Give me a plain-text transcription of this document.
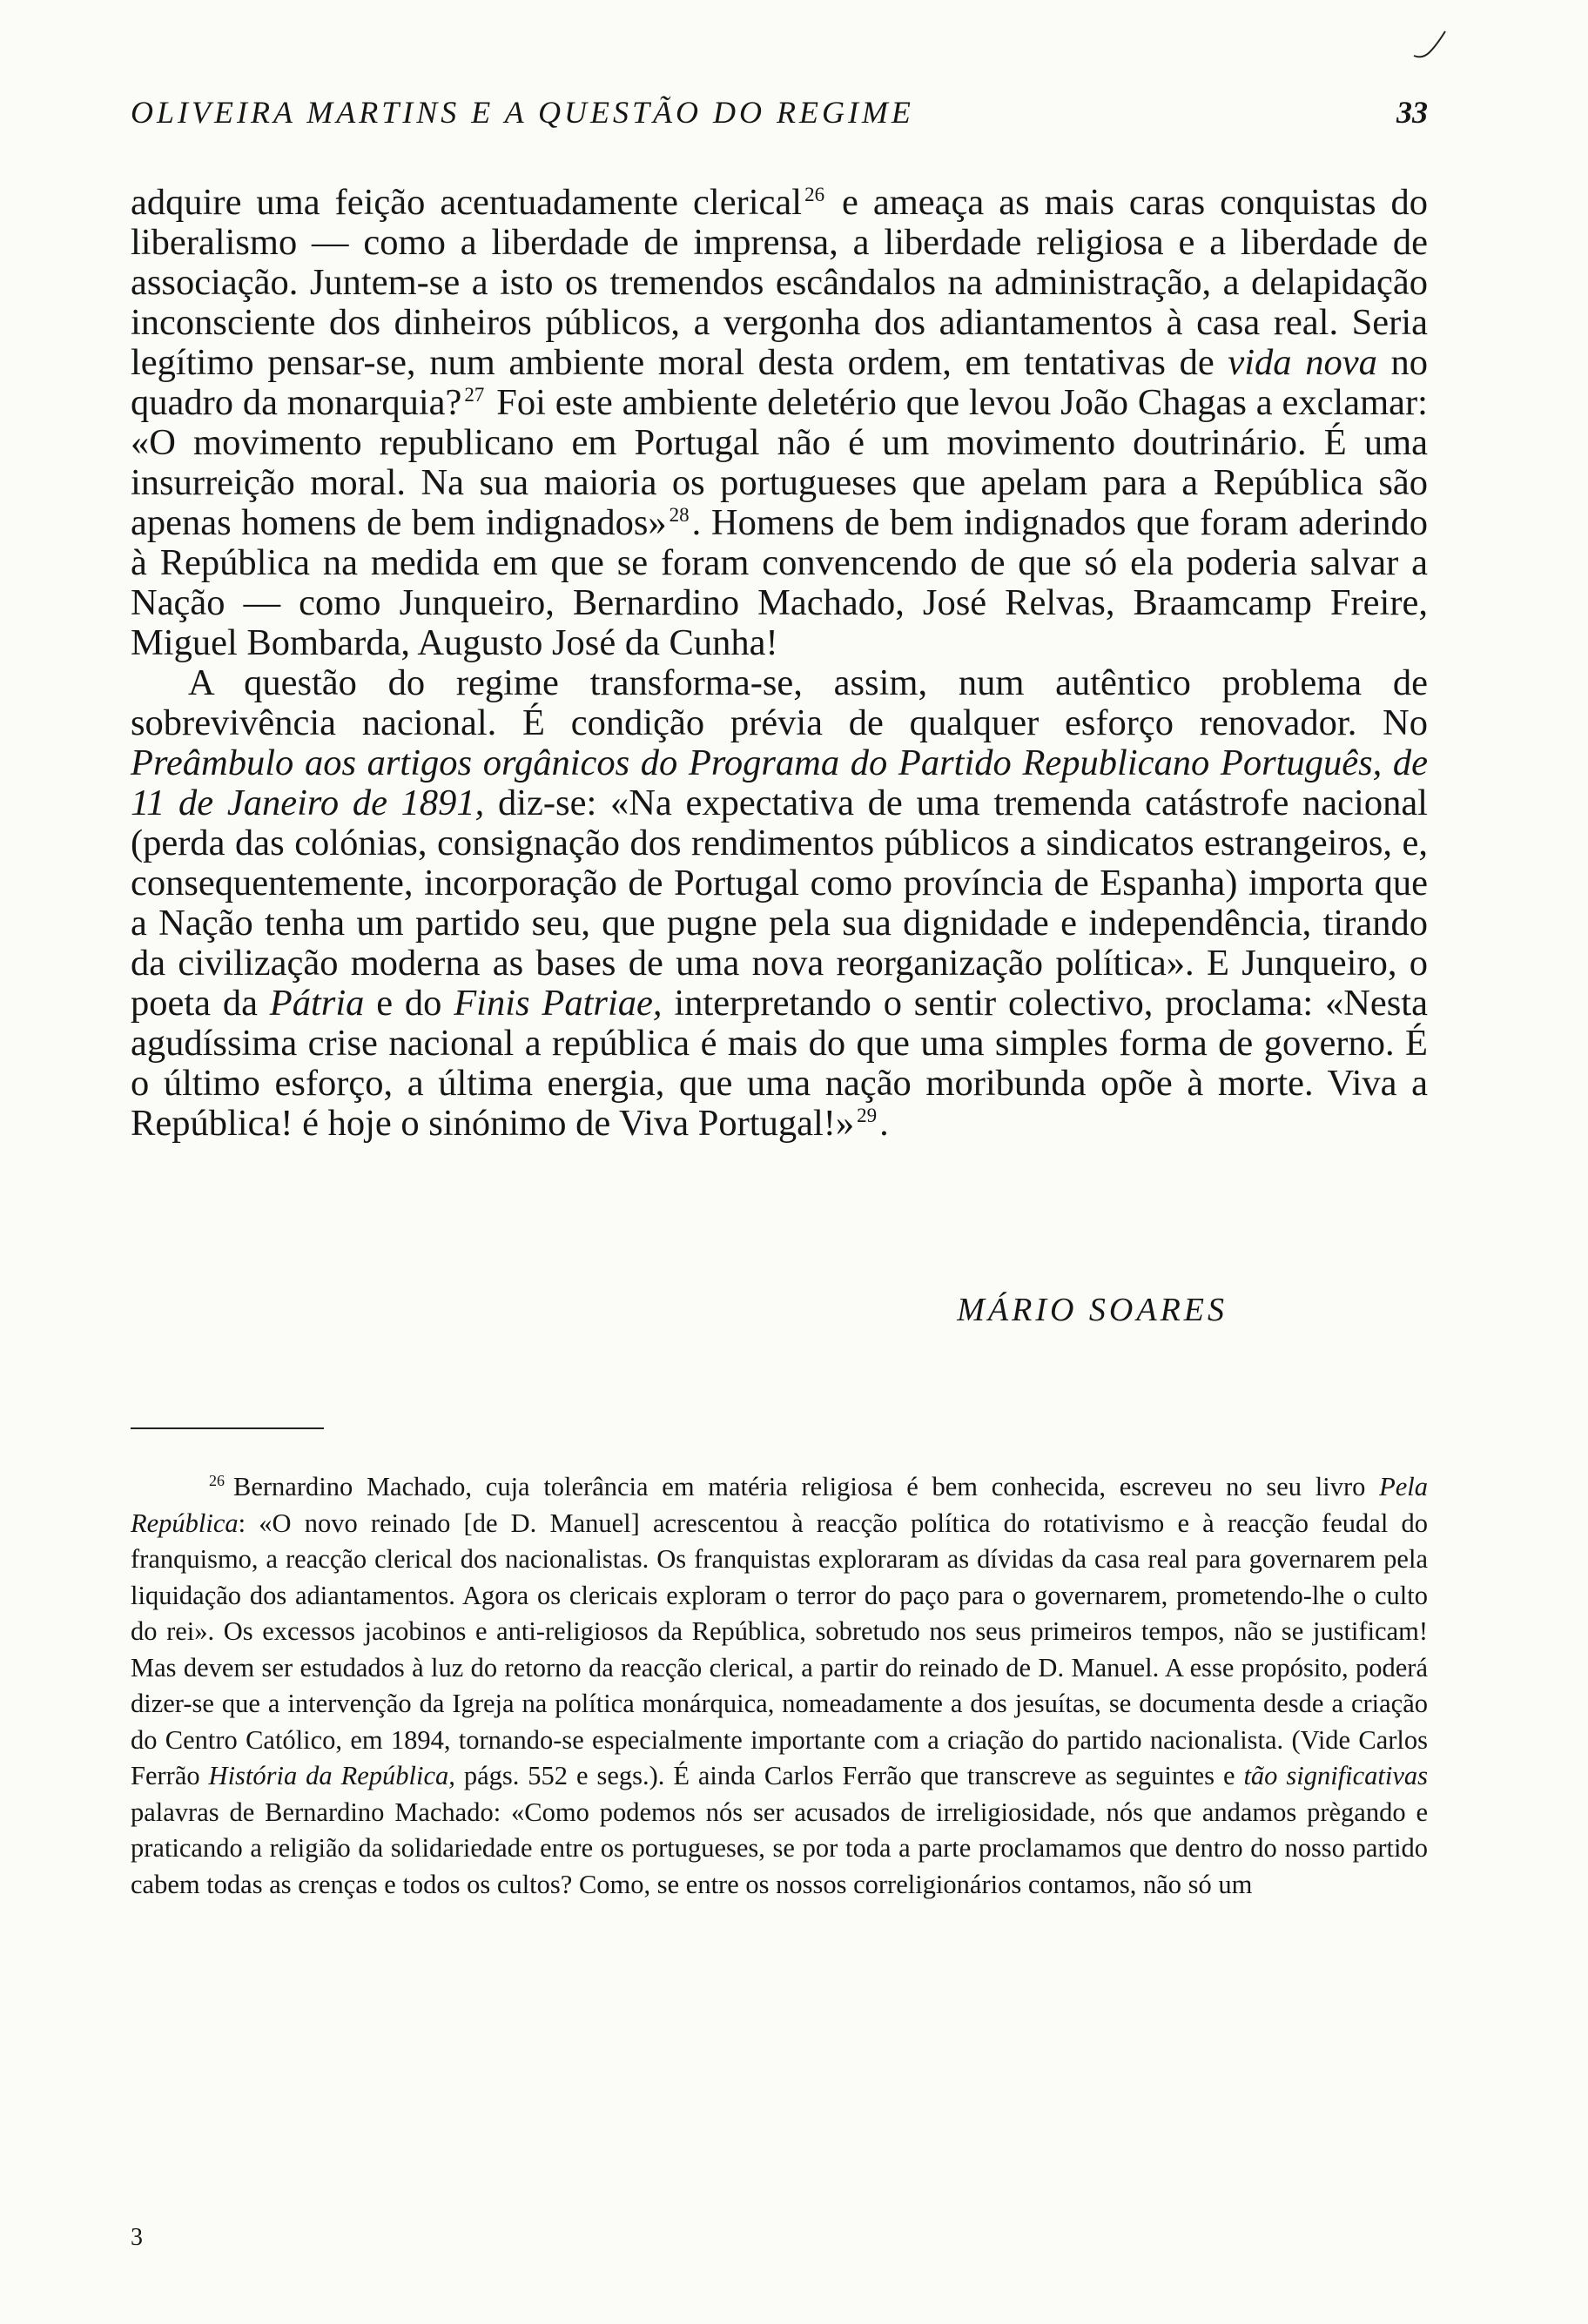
OLIVEIRA MARTINS E A QUESTÃO DO REGIME	33

adquire uma feição acentuadamente clerical $^{26}$ e ameaça as mais caras conquistas do liberalismo — como a liberdade de imprensa, a liberdade religiosa e a liberdade de associação. Juntem-se a isto os tremendos escândalos na administração, a delapidação inconsciente dos dinheiros públicos, a vergonha dos adiantamentos à casa real. Seria legítimo pensar-se, num ambiente moral desta ordem, em tentativas de vida nova no quadro da monarquia? $^{27}$ Foi este ambiente deletério que levou João Chagas a exclamar: «O movimento republicano em Portugal não é um movimento doutrinário. É uma insurreição moral. Na sua maioria os portugueses que apelam para a República são apenas homens de bem indignados» $^{28}$. Homens de bem indignados que foram aderindo à República na medida em que se foram convencendo de que só ela poderia salvar a Nação — como Junqueiro, Bernardino Machado, José Relvas, Braamcamp Freire, Miguel Bombarda, Augusto José da Cunha!

A questão do regime transforma-se, assim, num autêntico problema de sobrevivência nacional. É condição prévia de qualquer esforço renovador. No Preâmbulo aos artigos orgânicos do Programa do Partido Republicano Português, de 11 de Janeiro de 1891, diz-se: «Na expectativa de uma tremenda catástrofe nacional (perda das colónias, consignação dos rendimentos públicos a sindicatos estrangeiros, e, consequentemente, incorporação de Portugal como província de Espanha) importa que a Nação tenha um partido seu, que pugne pela sua dignidade e independência, tirando da civilização moderna as bases de uma nova reorganização política». E Junqueiro, o poeta da Pátria e do Finis Patriae, interpretando o sentir colectivo, proclama: «Nesta agudíssima crise nacional a república é mais do que uma simples forma de governo. É o último esforço, a última energia, que uma nação moribunda opõe à morte. Viva a República! é hoje o sinónimo de Viva Portugal!» $^{29}$.

MÁRIO SOARES

$^{26}$ Bernardino Machado, cuja tolerância em matéria religiosa é bem conhecida, escreveu no seu livro Pela República: «O novo reinado [de D. Manuel] acrescentou à reacção política do rotativismo e à reacção feudal do franquismo, a reacção clerical dos nacionalistas. Os franquistas exploraram as dívidas da casa real para governarem pela liquidação dos adiantamentos. Agora os clericais exploram o terror do paço para o governarem, prometendo-lhe o culto do rei». Os excessos jacobinos e anti-religiosos da República, sobretudo nos seus primeiros tempos, não se justificam! Mas devem ser estudados à luz do retorno da reacção clerical, a partir do reinado de D. Manuel. A esse propósito, poderá dizer-se que a intervenção da Igreja na política monárquica, nomeadamente a dos jesuítas, se documenta desde a criação do Centro Católico, em 1894, tornando-se especialmente importante com a criação do partido nacionalista. (Vide Carlos Ferrão História da República, págs. 552 e segs.). É ainda Carlos Ferrão que transcreve as seguintes e tão significativas palavras de Bernardino Machado: «Como podemos nós ser acusados de irreligiosidade, nós que andamos prègando e praticando a religião da solidariedade entre os portugueses, se por toda a parte proclamamos que dentro do nosso partido cabem todas as crenças e todos os cultos? Como, se entre os nossos correligionários contamos, não só um

3
